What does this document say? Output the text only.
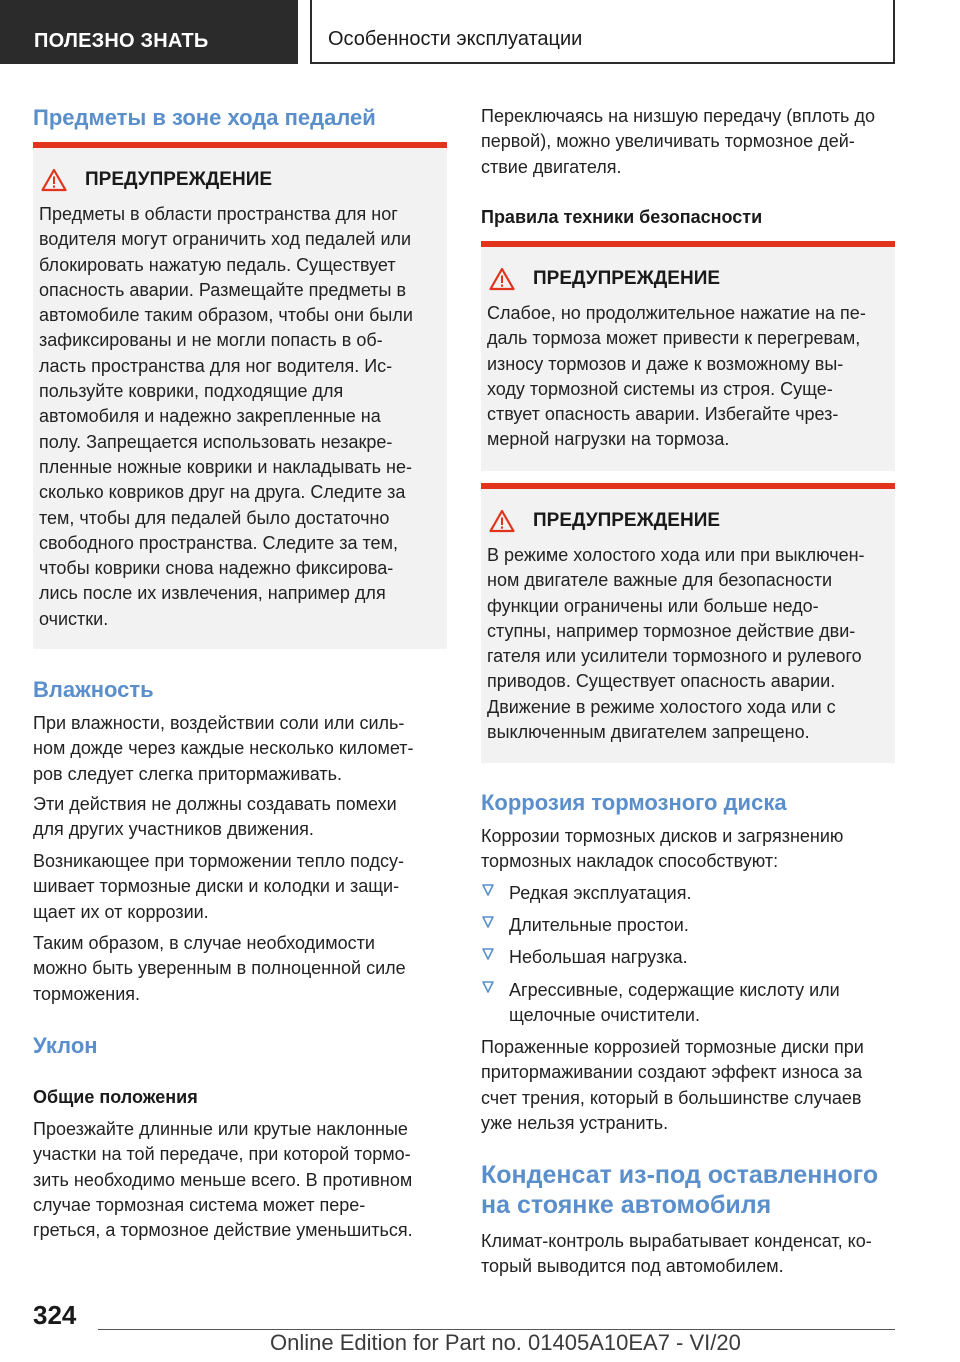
ПОЛЕЗНО ЗНАТЬ	Особенности эксплуатации
Предметы в зоне хода педалей
ПРЕДУПРЕЖДЕНИЕ
Предметы в области пространства для ног
водителя могут ограничить ход педалей или
блокировать нажатую педаль. Существует
опасность аварии. Размещайте предметы в
автомобиле таким образом, чтобы они были
зафиксированы и не могли попасть в об-
ласть пространства для ног водителя. Ис-
пользуйте коврики, подходящие для
автомобиля и надежно закрепленные на
полу. Запрещается использовать незакре-
пленные ножные коврики и накладывать не-
сколько ковриков друг на друга. Следите за
тем, чтобы для педалей было достаточно
свободного пространства. Следите за тем,
чтобы коврики снова надежно фиксирова-
лись после их извлечения, например для
очистки.
Влажность
При влажности, воздействии соли или силь-
ном дожде через каждые несколько километ-
ров следует слегка притормаживать.
Эти действия не должны создавать помехи
для других участников движения.
Возникающее при торможении тепло подсу-
шивает тормозные диски и колодки и защи-
щает их от коррозии.
Таким образом, в случае необходимости
можно быть уверенным в полноценной силе
торможения.
Уклон
Общие положения
Проезжайте длинные или крутые наклонные
участки на той передаче, при которой тормо-
зить необходимо меньше всего. В противном
случае тормозная система может пере-
греться, а тормозное действие уменьшиться.
Переключаясь на низшую передачу (вплоть до
первой), можно увеличивать тормозное дей-
ствие двигателя.
Правила техники безопасности
ПРЕДУПРЕЖДЕНИЕ
Слабое, но продолжительное нажатие на пе-
даль тормоза может привести к перегревам,
износу тормозов и даже к возможному вы-
ходу тормозной системы из строя. Суще-
ствует опасность аварии. Избегайте чрез-
мерной нагрузки на тормоза.
ПРЕДУПРЕЖДЕНИЕ
В режиме холостого хода или при выключен-
ном двигателе важные для безопасности
функции ограничены или больше недо-
ступны, например тормозное действие дви-
гателя или усилители тормозного и рулевого
приводов. Существует опасность аварии.
Движение в режиме холостого хода или с
выключенным двигателем запрещено.
Коррозия тормозного диска
Коррозии тормозных дисков и загрязнению
тормозных накладок способствуют:
Редкая эксплуатация.
Длительные простои.
Небольшая нагрузка.
Агрессивные, содержащие кислоту или
щелочные очистители.
Пораженные коррозией тормозные диски при
притормаживании создают эффект износа за
счет трения, который в большинстве случаев
уже нельзя устранить.
Конденсат из-под оставленного
на стоянке автомобиля
Климат-контроль вырабатывает конденсат, ко-
торый выводится под автомобилем.
324
Online Edition for Part no. 01405A10EA7 - VI/20
